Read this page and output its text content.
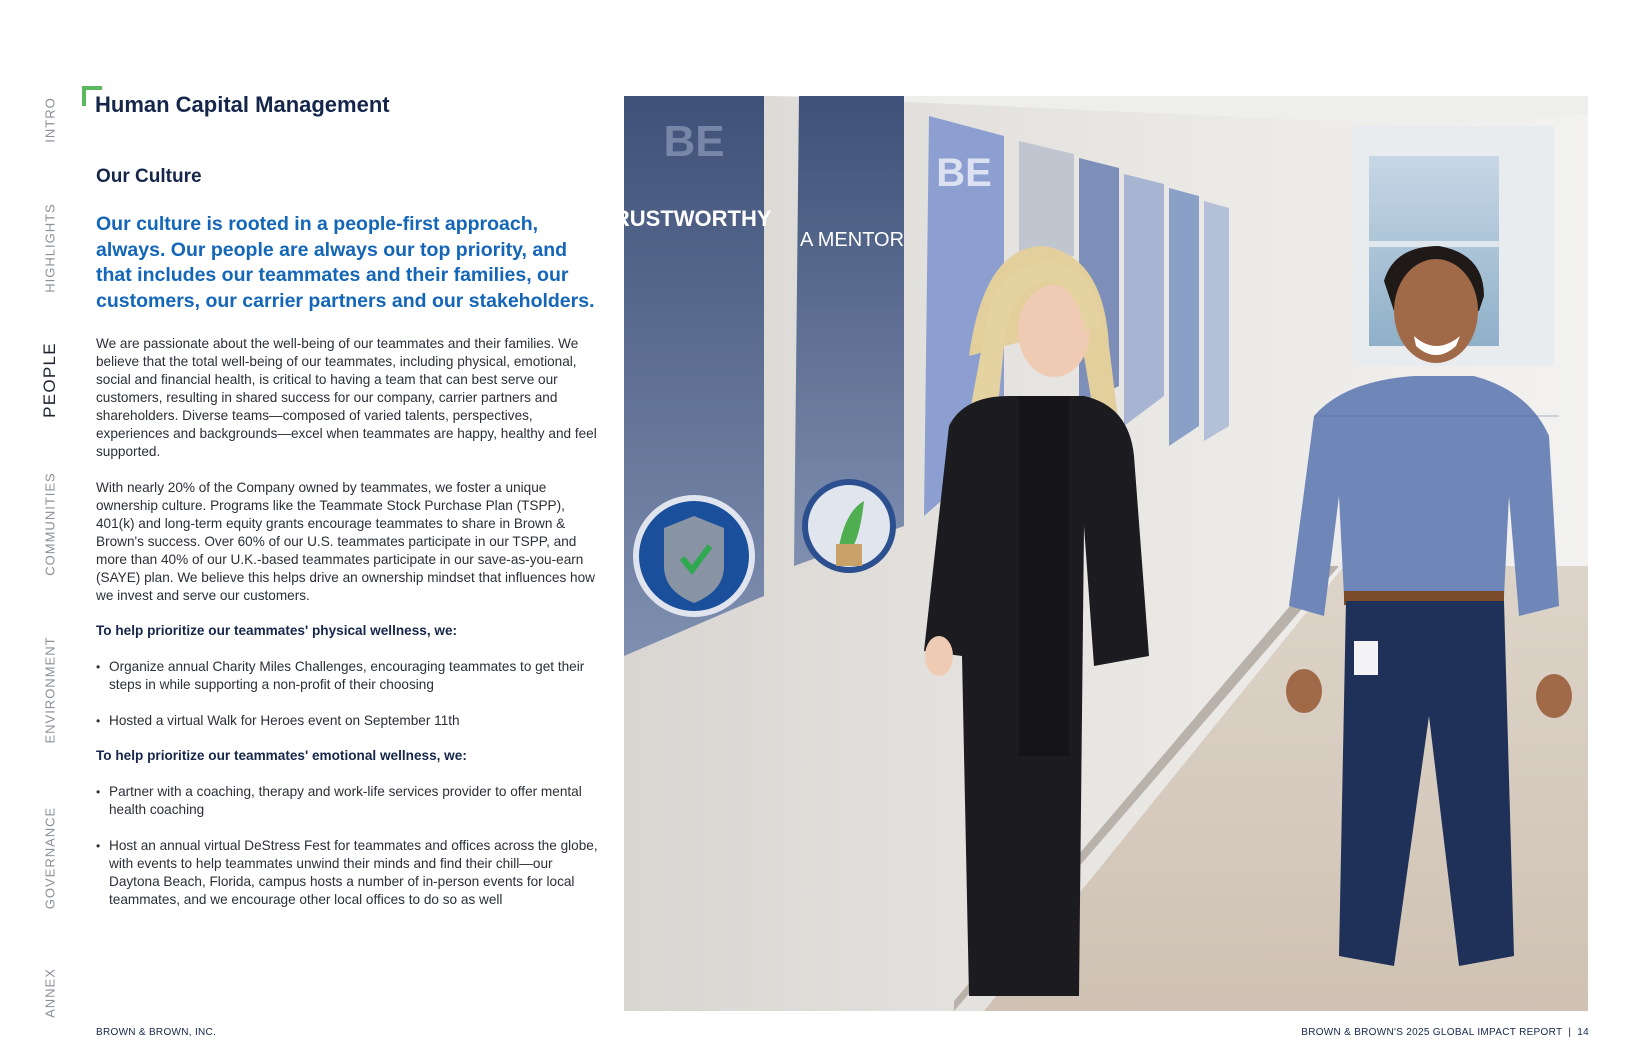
INTRO
HIGHLIGHTS
PEOPLE
COMMUNITIES
ENVIRONMENT
GOVERNANCE
ANNEX
Human Capital Management
Our Culture

Our culture is rooted in a people-first approach, always. Our people are always our top priority, and that includes our teammates and their families, our customers, our carrier partners and our stakeholders.

We are passionate about the well-being of our teammates and their families. We believe that the total well-being of our teammates, including physical, emotional, social and financial health, is critical to having a team that can best serve our customers, resulting in shared success for our company, carrier partners and shareholders. Diverse teams—composed of varied talents, perspectives, experiences and backgrounds—excel when teammates are happy, healthy and feel supported.

With nearly 20% of the Company owned by teammates, we foster a unique ownership culture. Programs like the Teammate Stock Purchase Plan (TSPP), 401(k) and long-term equity grants encourage teammates to share in Brown & Brown's success. Over 60% of our U.S. teammates participate in our TSPP, and more than 40% of our U.K.-based teammates participate in our save-as-you-earn (SAYE) plan. We believe this helps drive an ownership mindset that influences how we invest and serve our customers.

To help prioritize our teammates' physical wellness, we:

• Organize annual Charity Miles Challenges, encouraging teammates to get their steps in while supporting a non-profit of their choosing
• Hosted a virtual Walk for Heroes event on September 11th

To help prioritize our teammates' emotional wellness, we:

• Partner with a coaching, therapy and work-life services provider to offer mental health coaching
• Host an annual virtual DeStress Fest for teammates and offices across the globe, with events to help teammates unwind their minds and find their chill—our Daytona Beach, Florida, campus hosts a number of in-person events for local teammates, and we encourage other local offices to do so as well
BE
TRUSTWORTHY
A MENTOR
BE
BROWN & BROWN, INC.	BROWN & BROWN'S 2025 GLOBAL IMPACT REPORT | 14
